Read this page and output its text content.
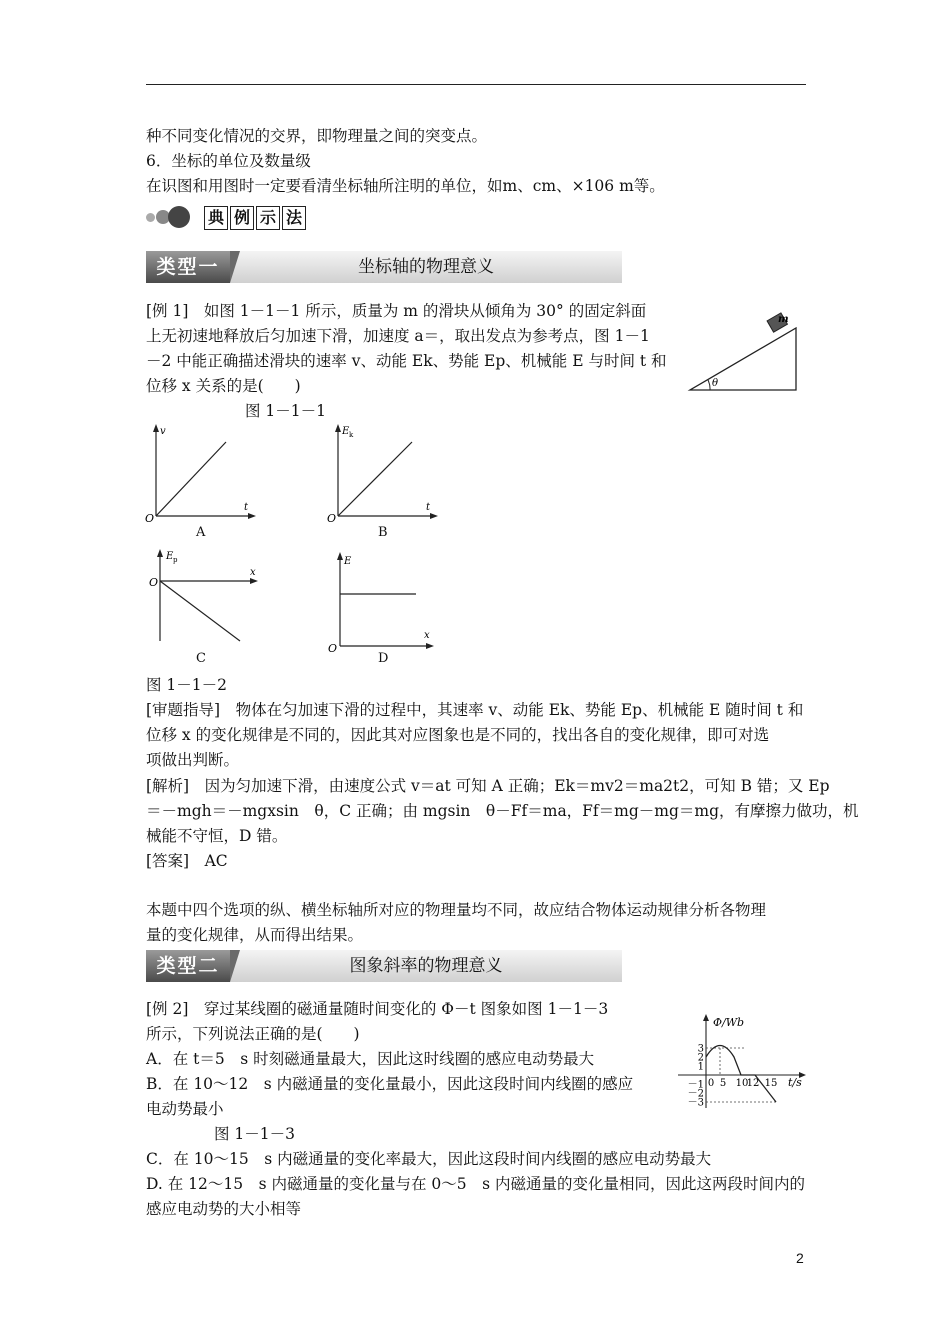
种不同变化情况的交界，即物理量之间的突变点。
6．坐标的单位及数量级
在识图和用图时一定要看清坐标轴所注明的单位，如m、cm、×106 m等。
典 例 示 法
类型一	坐标轴的物理意义
[例 1]　如图 1－1－1 所示，质量为 m 的滑块从倾角为 30° 的固定斜面
上无初速地释放后匀加速下滑，加速度 a＝，取出发点为参考点，图 1－1
－2 中能正确描述滑块的速率 v、动能 Ek、势能 Ep、机械能 E 与时间 t 和
位移 x 关系的是(　　)
图 1－1－1
θ
m
v
t
O
A
E k
t
O
B
E p
x
O
C
E
x
O
D
图 1－1－2
[审题指导]　物体在匀加速下滑的过程中，其速率 v、动能 Ek、势能 Ep、机械能 E 随时间 t 和
位移 x 的变化规律是不同的，因此其对应图象也是不同的，找出各自的变化规律，即可对选
项做出判断。
[解析]　因为匀加速下滑，由速度公式 v＝at 可知 A 正确；Ek＝mv2＝ma2t2，可知 B 错；又 Ep
＝－mgh＝－mgxsin　θ，C 正确；由 mgsin　θ－Ff＝ma，Ff＝mg－mg＝mg，有摩擦力做功，机
械能不守恒，D 错。
[答案]　AC
本题中四个选项的纵、横坐标轴所对应的物理量均不同，故应结合物体运动规律分析各物理
量的变化规律，从而得出结果。
类型二	图象斜率的物理意义
[例 2]　穿过某线圈的磁通量随时间变化的 Φ－t 图象如图 1－1－3
所示，下列说法正确的是(　　)
A．在 t＝5　s 时刻磁通量最大，因此这时线圈的感应电动势最大
B．在 10～12　s 内磁通量的变化量最小，因此这段时间内线圈的感应
电动势最小
图 1－1－3
C．在 10～15　s 内磁通量的变化率最大，因此这段时间内线圈的感应电动势最大
D. 在 12～15　s 内磁通量的变化量与在 0～5　s 内磁通量的变化量相同，因此这两段时间内的
感应电动势的大小相等
Φ/Wb
t/s
3
2
1
－1
－2
－3
0 5 10
12 15
2
